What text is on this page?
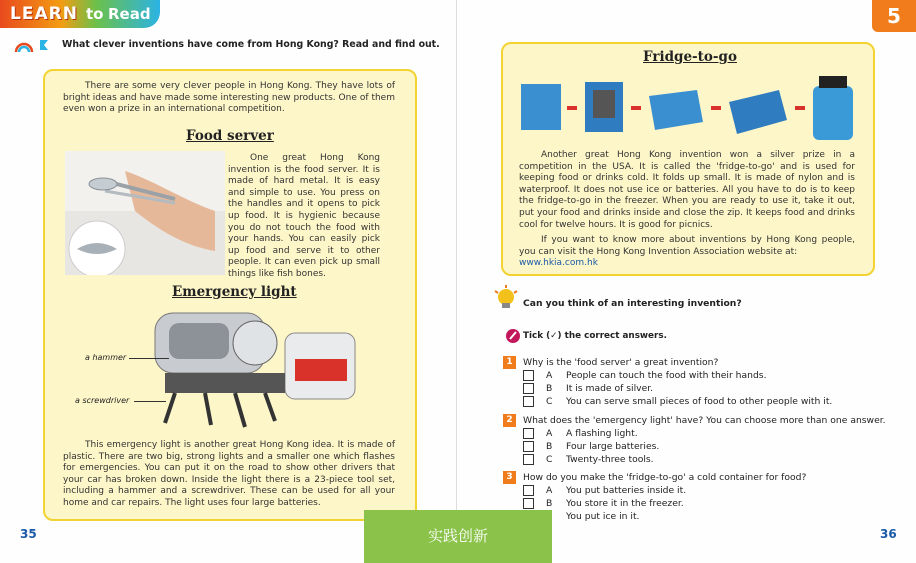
LEARN to Read
What clever inventions have come from Hong Kong? Read and find out.
There are some very clever people in Hong Kong. They have lots of bright ideas and have made some interesting new products. One of them even won a prize in an international competition.
Food server
One great Hong Kong invention is the food server. It is made of hard metal. It is easy and simple to use. You press on the handles and it opens to pick up food. It is hygienic because you do not touch the food with your hands. You can easily pick up food and serve it to other people. It can even pick up small things like fish bones.
Emergency light
a hammer
a screwdriver
This emergency light is another great Hong Kong idea. It is made of plastic. There are two big, strong lights and a smaller one which flashes for emergencies. You can put it on the road to show other drivers that your car has broken down. Inside the light there is a 23-piece tool set, including a hammer and a screwdriver. These can be used for all your home and car repairs. The light uses four large batteries.
35
5
Fridge-to-go
Another great Hong Kong invention won a silver prize in a competition in the USA. It is called the 'fridge-to-go' and is used for keeping food or drinks cold. It folds up small. It is made of nylon and is waterproof. It does not use ice or batteries. All you have to do is to keep the fridge-to-go in the freezer. When you are ready to use it, take it out, put your food and drinks inside and close the zip. It keeps food and drinks cool for twelve hours. It is good for picnics.
If you want to know more about inventions by Hong Kong people, you can visit the Hong Kong Invention Association website at:
www.hkia.com.hk
Can you think of an interesting invention?
Tick (✓) the correct answers.
1	Why is the 'food server' a great invention?
A People can touch the food with their hands.
B It is made of silver.
C You can serve small pieces of food to other people with it.
2	What does the 'emergency light' have? You can choose more than one answer.
A A flashing light.
B Four large batteries.
C Twenty-three tools.
3	How do you make the 'fridge-to-go' a cold container for food?
A You put batteries inside it.
B You store it in the freezer.
You put ice in it.
36
实践创新
